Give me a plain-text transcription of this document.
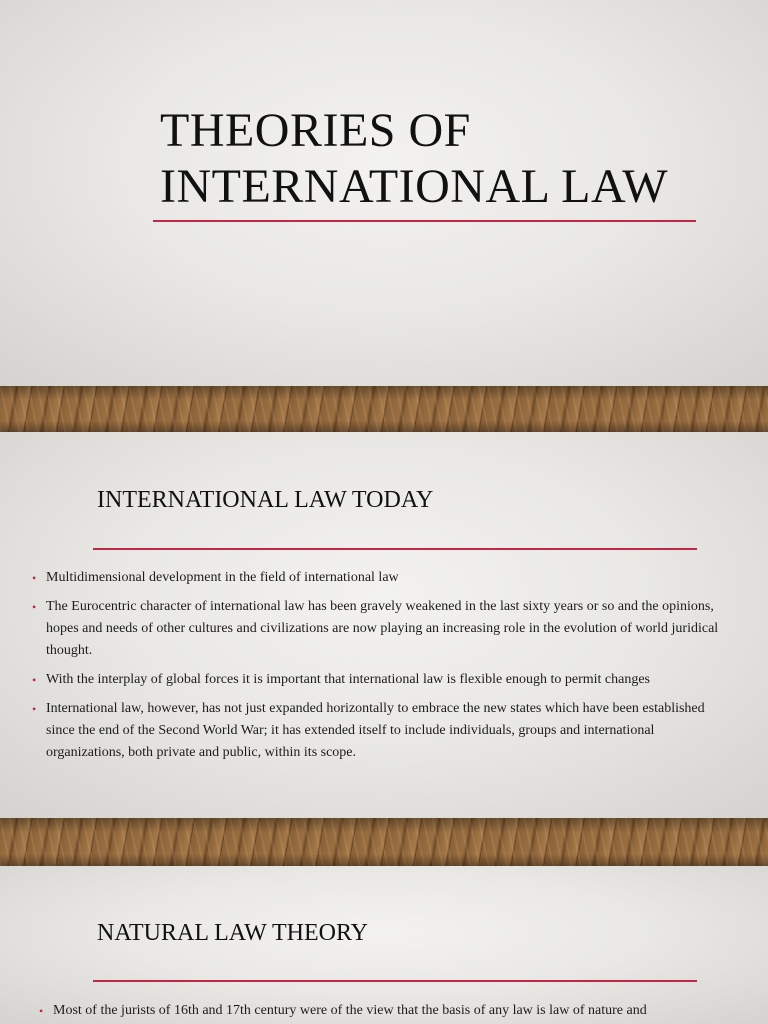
THEORIES OF
INTERNATIONAL LAW
INTERNATIONAL LAW TODAY
• Multidimensional development in the field of international law
• The Eurocentric character of international law has been gravely weakened in the last sixty years or so and the opinions, hopes and needs of other cultures and civilizations are now playing an increasing role in the evolution of world juridical thought.
• With the interplay of global forces it is important that international law is flexible enough to permit changes
• International law, however, has not just expanded horizontally to embrace the new states which have been established since the end of the Second World War; it has extended itself to include individuals, groups and international organizations, both private and public, within its scope.
NATURAL LAW THEORY
• Most of the jurists of 16th and 17th century were of the view that the basis of any law is law of nature and
